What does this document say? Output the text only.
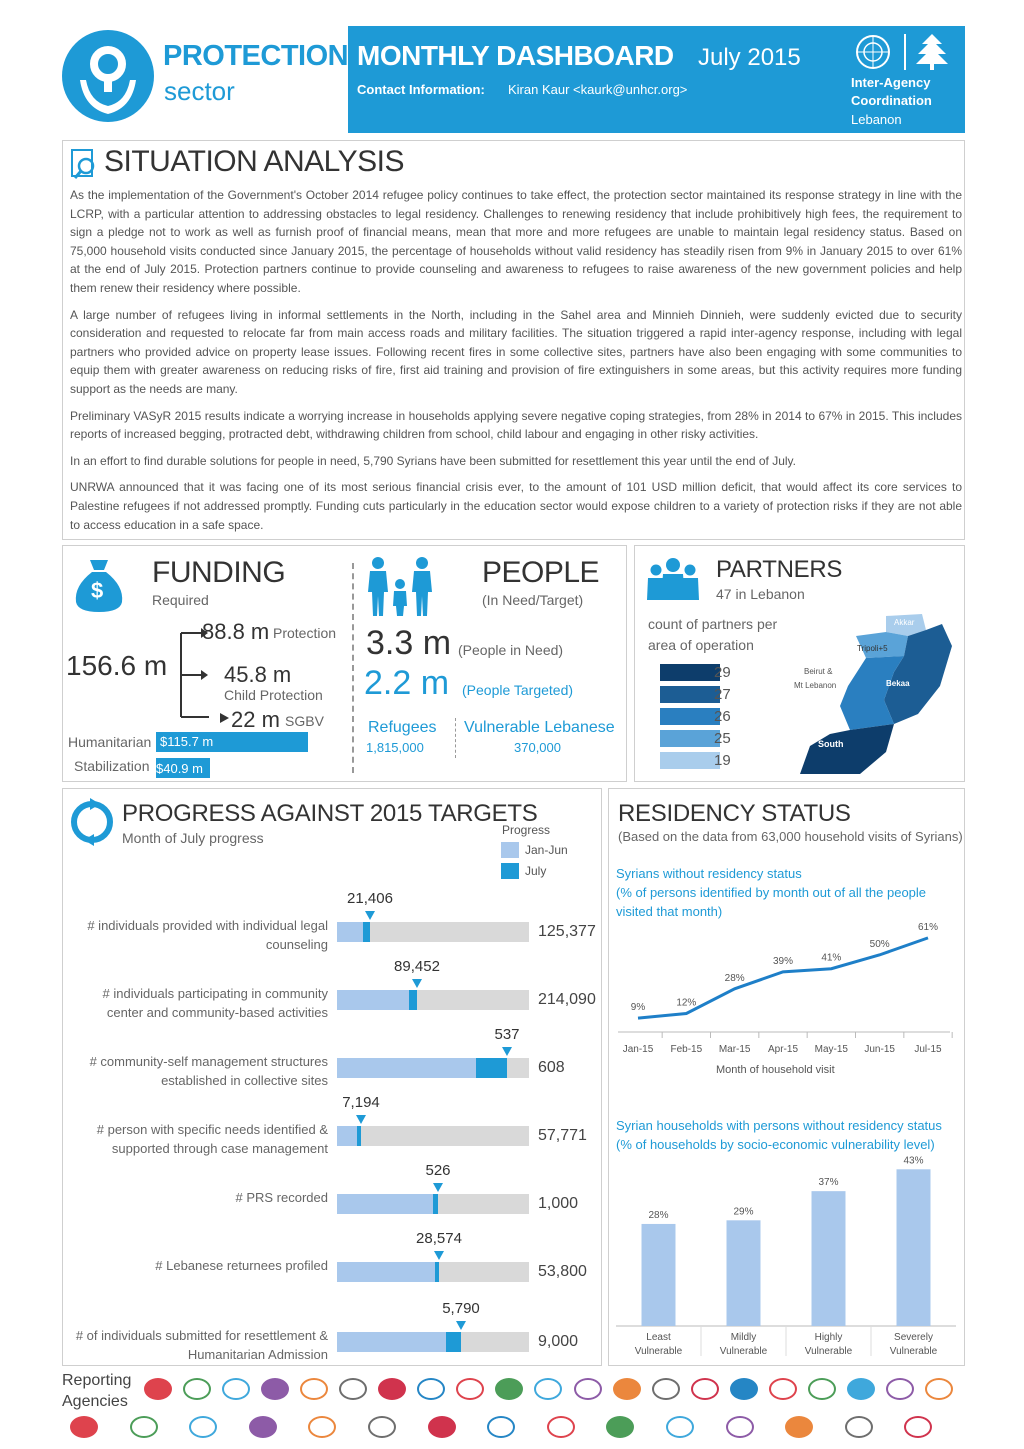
PROTECTION
sector
MONTHLY DASHBOARD July 2015
Contact Information: Kiran Kaur <kaurk@unhcr.org>	Inter-Agency
Coordination
Lebanon
SITUATION ANALYSIS

As the implementation of the Government's October 2014 refugee policy continues to take effect, the protection sector maintained its response strategy in line with the LCRP, with a particular attention to addressing obstacles to legal residency. Challenges to renewing residency that include prohibitively high fees, the requirement to sign a pledge not to work as well as furnish proof of financial means, mean that more and more refugees are unable to maintain legal residency status. Based on 75,000 household visits conducted since January 2015, the percentage of households without valid residency has steadily risen from 9% in January 2015 to over 61% at the end of July 2015. Protection partners continue to provide counseling and awareness to refugees to raise awareness of the new government policies and help them renew their residency where possible.

A large number of refugees living in informal settlements in the North, including in the Sahel area and Minnieh Dinnieh, were suddenly evicted due to security consideration and requested to relocate far from main access roads and military facilities. The situation triggered a rapid inter-agency response, including with legal partners who provided advice on property lease issues. Following recent fires in some collective sites, partners have also been engaging with some communities to equip them with greater awareness on reducing risks of fire, first aid training and provision of fire extinguishers in some areas, but this activity requires more funding support as the needs are many.

Preliminary VASyR 2015 results indicate a worrying increase in households applying severe negative coping strategies, from 28% in 2014 to 67% in 2015. This includes reports of increased begging, protracted debt, withdrawing children from school, child labour and engaging in other risky activities.

In an effort to find durable solutions for people in need, 5,790 Syrians have been submitted for resettlement this year until the end of July.

UNRWA announced that it was facing one of its most serious financial crisis ever, to the amount of 101 USD million deficit, that would affect its core services to Palestine refugees if not addressed promptly. Funding cuts particularly in the education sector would expose children to a variety of protection risks if they are not able to access education in a safe space.

$
FUNDING
Required
156.6 m
88.8 m Protection
45.8 m
Child Protection
22 m SGBV
Humanitarian $115.7 m
Stabilization $40.9 m
PEOPLE
(In Need/Target)
3.3 m (People in Need)
2.2 m (People Targeted)
Refugees
1,815,000
Vulnerable Lebanese
370,000
PARTNERS
47 in Lebanon
count of partners per
area of operation
29
27
26
25
19
Akkar
Tripoli+5
Beirut &
Mt Lebanon	Bekaa
South
PROGRESS AGAINST 2015 TARGETS
Month of July progress	Progress
Jan-Jun
July
# individuals provided with individual legal
counseling
21,406
125,377
# individuals participating in community
center and community-based activities
89,452
214,090
# community-self management structures
established in collective sites
537
608
# person with specific needs identified &
supported through case management
7,194
57,771
# PRS recorded
526
1,000
# Lebanese returnees profiled
28,574
53,800
# of individuals submitted for resettlement &
Humanitarian Admission
5,790
9,000
RESIDENCY STATUS
(Based on the data from 63,000 household visits of Syrians)
Syrians without residency status
(% of persons identified by month out of all the people
visited that month)
9%
Jan-15
12%
Feb-15
28%
Mar-15
39%
Apr-15
41%
May-15
50%
Jun-15
61%
Jul-15
Month of household visit
Syrian households with persons without residency status
(% of households by socio-economic vulnerability level)
28%
Least
Vulnerable
29%
Mildly
Vulnerable
37%
Highly
Vulnerable
43%
Severely
Vulnerable
Reporting
Agencies
